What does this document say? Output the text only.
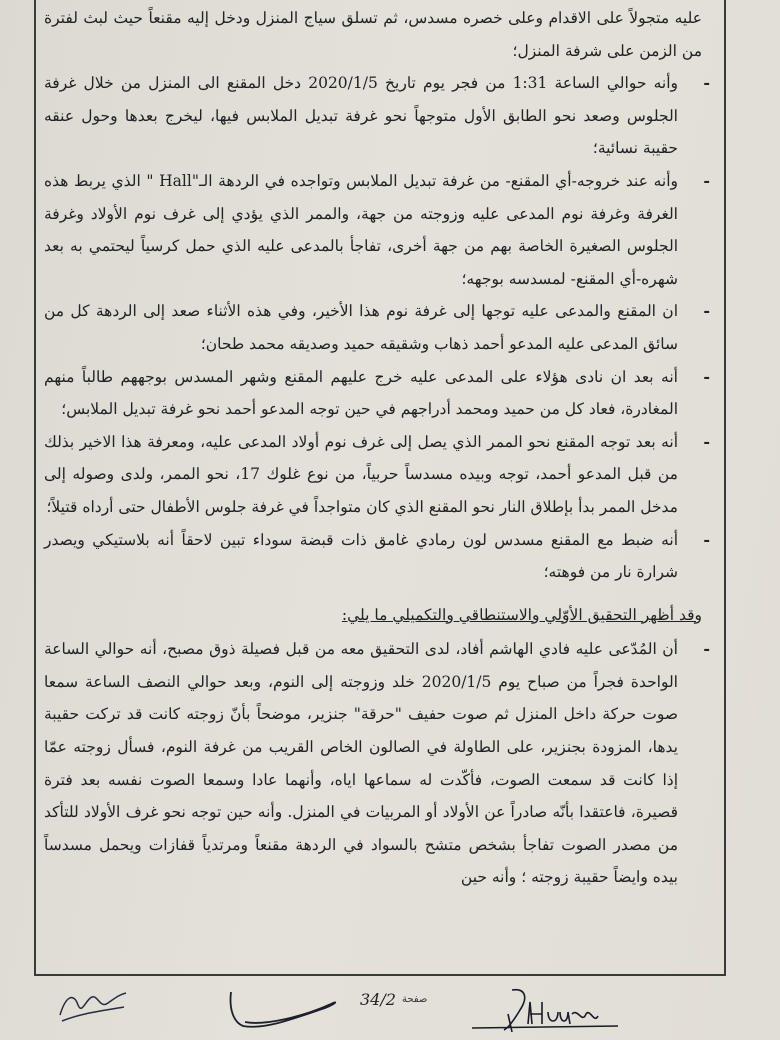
عليه متجولاً على الاقدام وعلى خصره مسدس، ثم تسلق سياج المنزل ودخل إليه مقنعاً حيث لبث لفترة من الزمن على شرفة المنزل؛

-
وأنه حوالي الساعة 1:31 من فجر يوم تاريخ 2020/1/5 دخل المقنع الى المنزل من خلال غرفة الجلوس وصعد نحو الطابق الأول متوجهاً نحو غرفة تبديل الملابس فيها، ليخرج بعدها وحول عنقه حقيبة نسائية؛

-
وأنه عند خروجه-أي المقنع- من غرفة تبديل الملابس وتواجده في الردهة الـ"Hall " الذي يربط هذه الغرفة وغرفة نوم المدعى عليه وزوجته من جهة، والممر الذي يؤدي إلى غرف نوم الأولاد وغرفة الجلوس الصغيرة الخاصة بهم من جهة أخرى، تفاجأ بالمدعى عليه الذي حمل كرسياً ليحتمي به بعد شهره-أي المقنع- لمسدسه بوجهه؛

-
ان المقنع والمدعى عليه توجها إلى غرفة نوم هذا الأخير، وفي هذه الأثناء صعد إلى الردهة كل من سائق المدعى عليه المدعو أحمد ذهاب وشقيقه حميد وصديقه محمد طحان؛

-
أنه بعد ان نادى هؤلاء على المدعى عليه خرج عليهم المقنع وشهر المسدس بوجههم طالباً منهم المغادرة، فعاد كل من حميد ومحمد أدراجهم في حين توجه المدعو أحمد نحو غرفة تبديل الملابس؛

-
أنه بعد توجه المقنع نحو الممر الذي يصل إلى غرف نوم أولاد المدعى عليه، ومعرفة هذا الاخير بذلك من قبل المدعو أحمد، توجه وبيده مسدساً حربياً، من نوع غلوك 17، نحو الممر، ولدى وصوله إلى مدخل الممر بدأ بإطلاق النار نحو المقنع الذي كان متواجداً في غرفة جلوس الأطفال حتى أرداه قتيلاً؛

-
أنه ضبط مع المقنع مسدس لون رمادي غامق ذات قبضة سوداء تبين لاحقاً أنه بلاستيكي ويصدر شرارة نار من فوهته؛

وقد أظهر التحقيق الأوّلي والاستنطاقي والتكميلي ما يلي:

-
أن المُدّعى عليه فادي الهاشم أفاد، لدى التحقيق معه من قبل فصيلة ذوق مصبح، أنه حوالي الساعة الواحدة فجراً من صباح يوم 2020/1/5 خلد وزوجته إلى النوم، وبعد حوالي النصف الساعة سمعا صوت حركة داخل المنزل ثم صوت حفيف "حرقة" جنزير، موضحاً بأنّ زوجته كانت قد تركت حقيبة يدها، المزودة بجنزير، على الطاولة في الصالون الخاص القريب من غرفة النوم، فسأل زوجته عمّا إذا كانت قد سمعت الصوت، فأكّدت له سماعها اياه، وأنهما عادا وسمعا الصوت نفسه بعد فترة قصيرة، فاعتقدا بأنّه صادراً عن الأولاد أو المربيات في المنزل. وأنه حين توجه نحو غرف الأولاد للتأكد من مصدر الصوت تفاجأ بشخص متشح بالسواد في الردهة مقنعاً ومرتدياً قفازات ويحمل مسدساً بيده وايضاً حقيبة زوجته ؛ وأنه حين

34/2 صفحة
